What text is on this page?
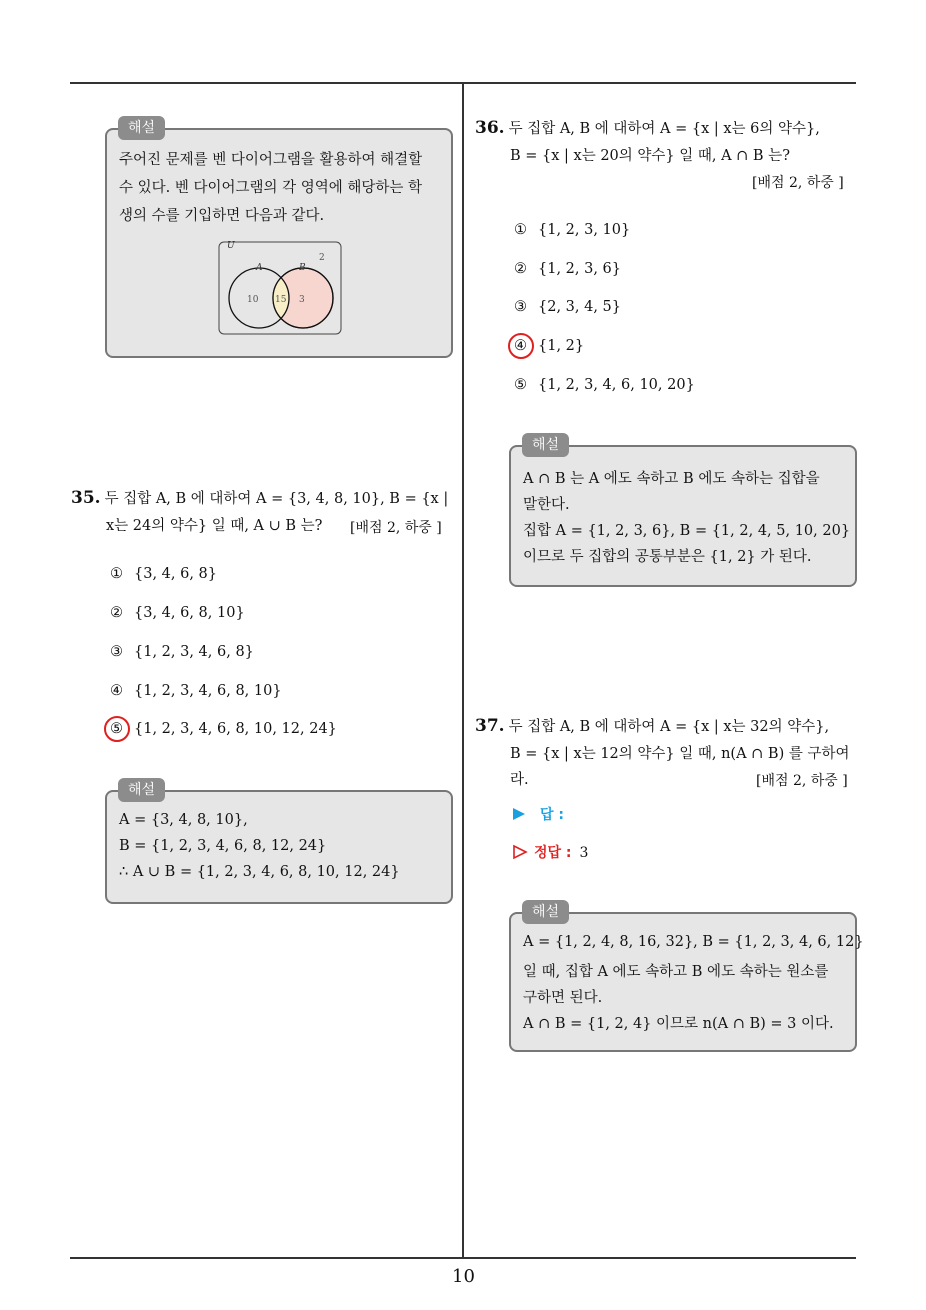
10
주어진 문제를 벤 다이어그램을 활용하여 해결할
수 있다. 벤 다이어그램의 각 영역에 해당하는 학
생의 수를 기입하면 다음과 같다.
U
A	B
2
10 15 3
해설
35. 두 집합 A, B 에 대하여 A = {3, 4, 8, 10}, B = {x |
x는 24의 약수} 일 때, A ∪ B 는? [배점 2, 하중 ]
① {3, 4, 6, 8}
② {3, 4, 6, 8, 10}
③ {1, 2, 3, 4, 6, 8}
④ {1, 2, 3, 4, 6, 8, 10}
⑤ {1, 2, 3, 4, 6, 8, 10, 12, 24}
A = {3, 4, 8, 10},
B = {1, 2, 3, 4, 6, 8, 12, 24}
∴ A ∪ B = {1, 2, 3, 4, 6, 8, 10, 12, 24}
해설
36. 두 집합 A, B 에 대하여 A = {x | x는 6의 약수},
B = {x | x는 20의 약수} 일 때, A ∩ B 는?
[배점 2, 하중 ]
① {1, 2, 3, 10}
② {1, 2, 3, 6}
③ {2, 3, 4, 5}
④ {1, 2}
⑤ {1, 2, 3, 4, 6, 10, 20}
A ∩ B 는 A 에도 속하고 B 에도 속하는 집합을
말한다.
집합 A = {1, 2, 3, 6}, B = {1, 2, 4, 5, 10, 20}
이므로 두 집합의 공통부분은 {1, 2} 가 된다.
해설
37. 두 집합 A, B 에 대하여 A = {x | x는 32의 약수},
B = {x | x는 12의 약수} 일 때, n(A ∩ B) 를 구하여
라.	[배점 2, 하중 ]
답 :
정답 : 3
A = {1, 2, 4, 8, 16, 32}, B = {1, 2, 3, 4, 6, 12}
일 때, 집합 A 에도 속하고 B 에도 속하는 원소를
구하면 된다.
A ∩ B = {1, 2, 4} 이므로 n(A ∩ B) = 3 이다.
해설
